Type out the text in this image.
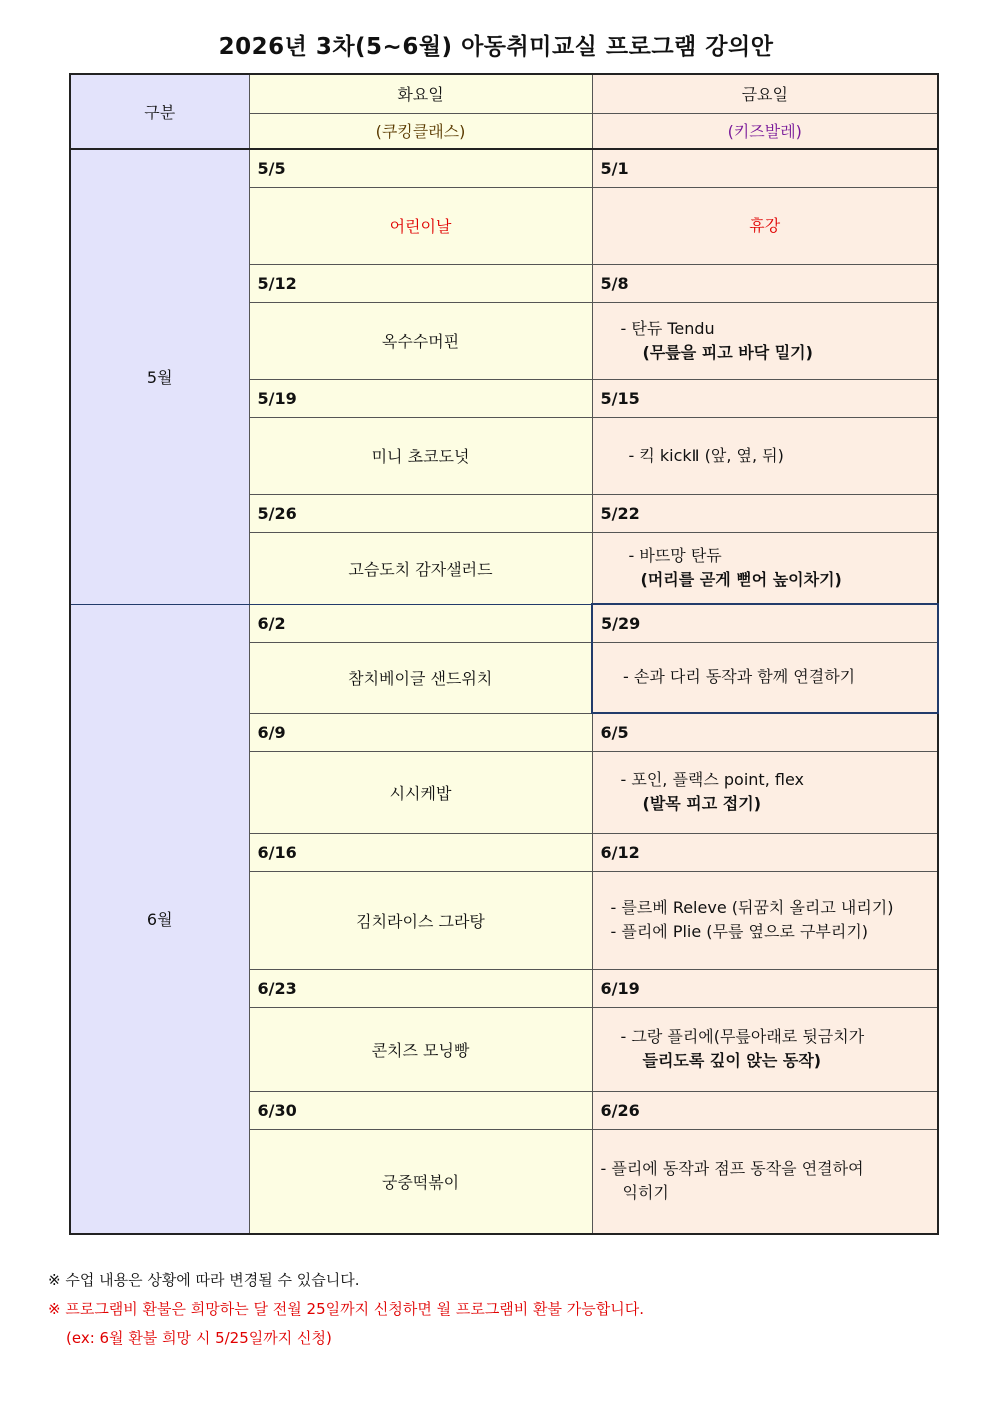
2026년 3차(5~6월) 아동취미교실 프로그램 강의안
구분	화요일	금요일
	(쿠킹클래스)	(키즈발레)
5월	5/5	5/1
	어린이날	휴강

	5/12	5/8
	옥수수머핀	- 탄듀 Tendu
(무릎을 피고 바닥 밀기)

	5/19	5/15
	미니 초코도넛	- 킥 kickⅡ (앞, 옆, 뒤)

	5/26	5/22
	고슴도치 감자샐러드	- 바뜨망 탄듀
(머리를 곧게 뻗어 높이차기)

6월	6/2	5/29
	참치베이글 샌드위치	- 손과 다리 동작과 함께 연결하기

	6/9	6/5
	시시케밥	- 포인, 플랙스 point, flex
(발목 피고 접기)

	6/16	6/12
	김치라이스 그라탕	- 를르베 Releve (뒤꿈치 올리고 내리기)
- 플리에 Plie (무릎 옆으로 구부리기)

	6/23	6/19
	콘치즈 모닝빵	- 그랑 플리에(무릎아래로 뒷금치가
들리도록 깊이 앉는 동작)

	6/30	6/26
	궁중떡볶이	- 플리에 동작과 점프 동작을 연결하여
익히기
※ 수업 내용은 상황에 따라 변경될 수 있습니다.
※ 프로그램비 환불은 희망하는 달 전월 25일까지 신청하면 월 프로그램비 환불 가능합니다.
(ex: 6월 환불 희망 시 5/25일까지 신청)
